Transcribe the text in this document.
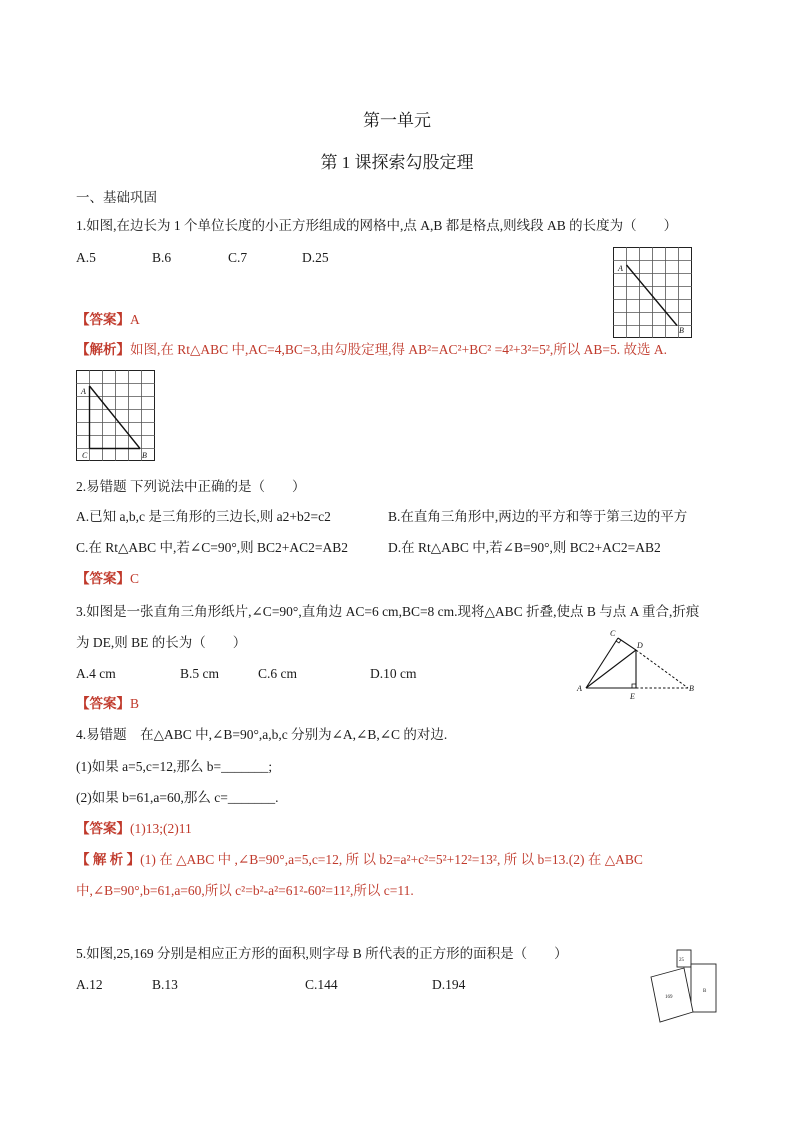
第一单元
第 1 课探索勾股定理
一、基础巩固
1.如图,在边长为 1 个单位长度的小正方形组成的网格中,点 A,B 都是格点,则线段 AB 的长度为（　　）
A.5	B.6	C.7	D.25
A
B
【答案】A
【解析】如图,在 Rt△ABC 中,AC=4,BC=3,由勾股定理,得 AB²=AC²+BC² =4²+3²=5²,所以 AB=5. 故选 A.
A
B
C
2.易错题 下列说法中正确的是（　　）
A.已知 a,b,c 是三角形的三边长,则 a2+b2=c2	B.在直角三角形中,两边的平方和等于第三边的平方
C.在 Rt△ABC 中,若∠C=90°,则 BC2+AC2=AB2	D.在 Rt△ABC 中,若∠B=90°,则 BC2+AC2=AB2
【答案】C
3.如图是一张直角三角形纸片,∠C=90°,直角边 AC=6 cm,BC=8 cm.现将△ABC 折叠,使点 B 与点 A 重合,折痕
为 DE,则 BE 的长为（　　）
A.4 cm	B.5 cm	C.6 cm	D.10 cm
C
D
A
E
B
【答案】B
4.易错题　在△ABC 中,∠B=90°,a,b,c 分别为∠A,∠B,∠C 的对边.
(1)如果 a=5,c=12,那么 b=_______;
(2)如果 b=61,a=60,那么 c=_______.
【答案】(1)13;(2)11
【 解 析 】(1) 在 △ABC 中 ,∠B=90°,a=5,c=12, 所 以 b2=a²+c²=5²+12²=13², 所 以 b=13.(2) 在 △ABC
中,∠B=90°,b=61,a=60,所以 c²=b²-a²=61²-60²=11²,所以 c=11.
5.如图,25,169 分别是相应正方形的面积,则字母 B 所代表的正方形的面积是（　　）
A.12	B.13	C.144	D.194
25
169
B
